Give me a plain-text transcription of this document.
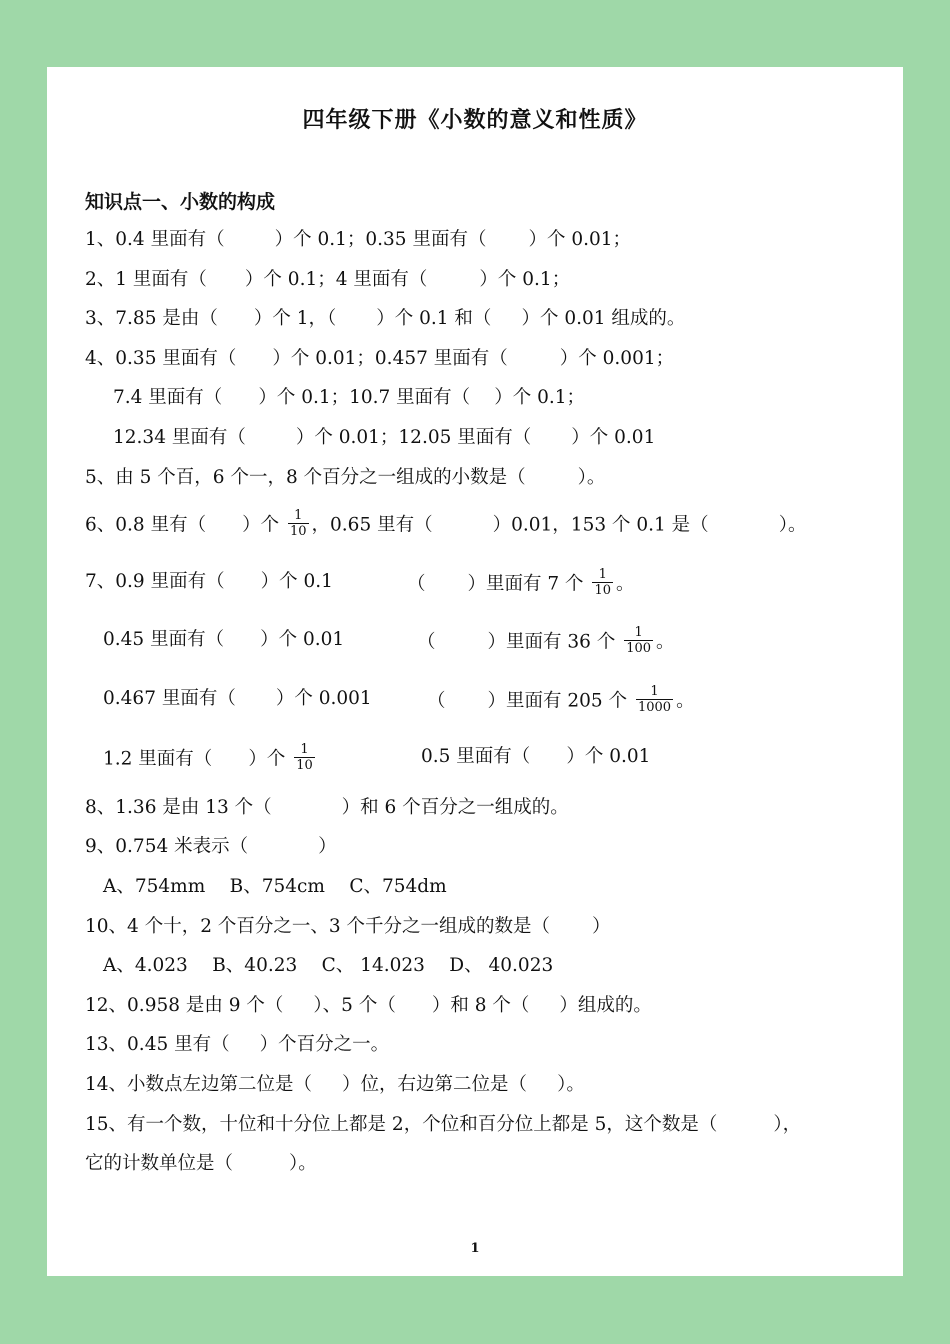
四年级下册《小数的意义和性质》
知识点一、小数的构成
1、0.4 里面有（	）个 0.1；0.35 里面有（ ）个 0.01；
2、1 里面有（ ）个 0.1；4 里面有（	）个 0.1；
3、7.85 是由（ ）个 1，（ ）个 0.1 和（ ）个 0.01 组成的。
4、0.35 里面有（ ）个 0.01；0.457 里面有（	）个 0.001；
7.4 里面有（ ）个 0.1；10.7 里面有（ ）个 0.1；
12.34 里面有（	）个 0.01；12.05 里面有（ ）个 0.01
5、由 5 个百，6 个一，8 个百分之一组成的小数是（	）。
6、0.8 里有（ ）个 $\frac{1}{10}$ ，0.65 里有（	）0.01，153 个 0.1 是（	）。
7、0.9 里面有（ ）个 0.1	（ ）里面有 7 个 $\frac{1}{10}$ 。
0.45 里面有（ ）个 0.01	（	）里面有 36 个 $\frac{1}{100}$ 。
0.467 里面有（ ）个 0.001	（ ）里面有 205 个 $\frac{1}{1000}$ 。
1.2 里面有（ ）个 $\frac{1}{10}$	0.5 里面有（ ）个 0.01
8、1.36 是由 13 个（	）和 6 个百分之一组成的。
9、0.754 米表示（	）
A、754mm　 B、754cm　 C、754dm
10、4 个十，2 个百分之一、3 个千分之一组成的数是（ ）
A、4.023　 B、40.23　 C、 14.023　 D、 40.023
12、0.958 是由 9 个（ ）、5 个（ ）和 8 个（ ）组成的。
13、0.45 里有（ ）个百分之一。
14、小数点左边第二位是（ ）位，右边第二位是（ ）。
15、有一个数，十位和十分位上都是 2，个位和百分位上都是 5，这个数是（	），
它的计数单位是（	）。
1
